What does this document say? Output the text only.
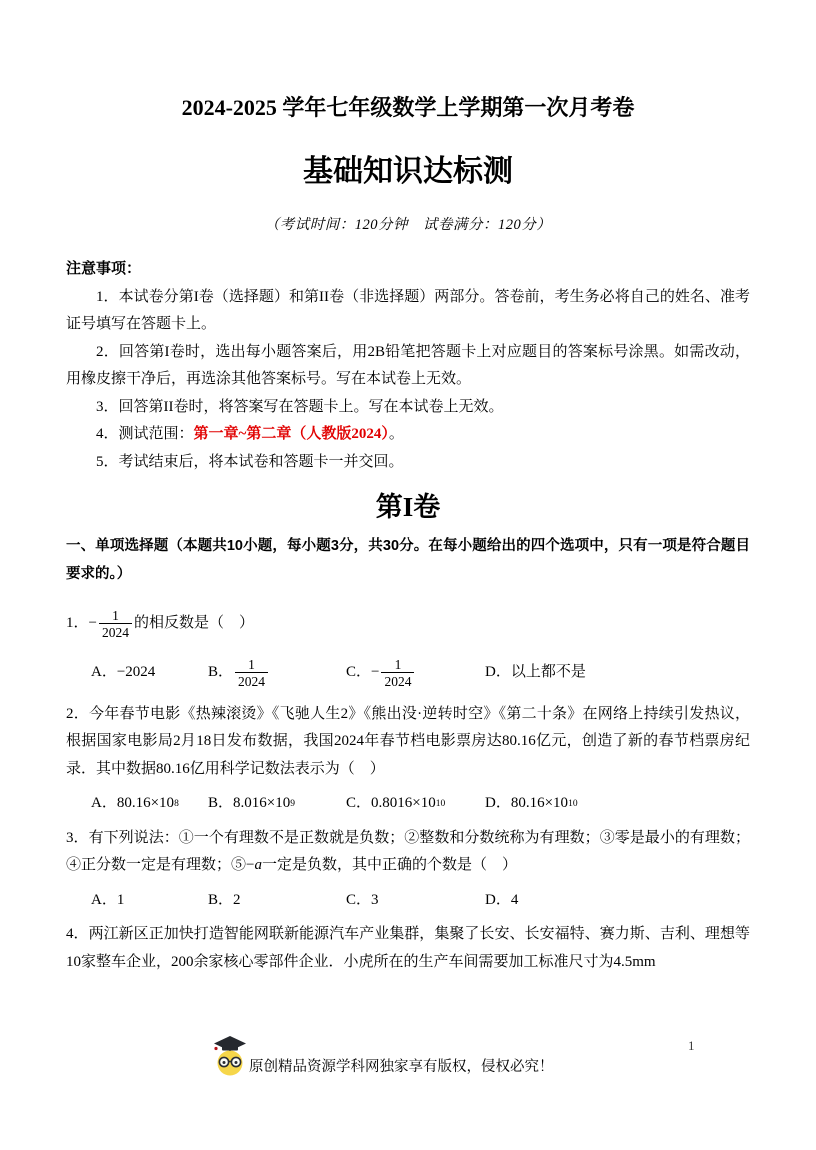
2024-2025 学年七年级数学上学期第一次月考卷
基础知识达标测
（考试时间：120分钟　试卷满分：120分）
注意事项：

1．本试卷分第I卷（选择题）和第II卷（非选择题）两部分。答卷前，考生务必将自己的姓名、准考证号填写在答题卡上。

2．回答第I卷时，选出每小题答案后，用2B铅笔把答题卡上对应题目的答案标号涂黑。如需改动，用橡皮擦干净后，再选涂其他答案标号。写在本试卷上无效。

3．回答第II卷时，将答案写在答题卡上。写在本试卷上无效。

4．测试范围：第一章~第二章（人教版2024）。

5．考试结束后，将本试卷和答题卡一并交回。

第I卷

一、单项选择题（本题共10小题，每小题3分，共30分。在每小题给出的四个选项中，只有一项是符合题目要求的。）

1． − $\frac{1}{2024}$ 的相反数是（　）
A． −2024	B． $\frac{1}{2024}$	C． − $\frac{1}{2024}$	D． 以上都不是

2．今年春节电影《热辣滚烫》《飞驰人生2》《熊出没·逆转时空》《第二十条》在网络上持续引发热议，根据国家电影局2月18日发布数据，我国2024年春节档电影票房达80.16亿元，创造了新的春节档票房纪录．其中数据80.16亿用科学记数法表示为（　）

A． 80.16×10 8 B． 8.016×10 9	C． 0.8016×10 10	D． 80.16×10 10

3．有下列说法：①一个有理数不是正数就是负数；②整数和分数统称为有理数；③零是最小的有理数；④正分数一定是有理数；⑤−a一定是负数，其中正确的个数是（　）

A． 1	B． 2	C． 3	D． 4

4．两江新区正加快打造智能网联新能源汽车产业集群，集聚了长安、长安福特、赛力斯、吉利、理想等10家整车企业，200余家核心零部件企业．小虎所在的生产车间需要加工标准尺寸为4.5mm

原创精品资源学科网独家享有版权，侵权必究！
1
